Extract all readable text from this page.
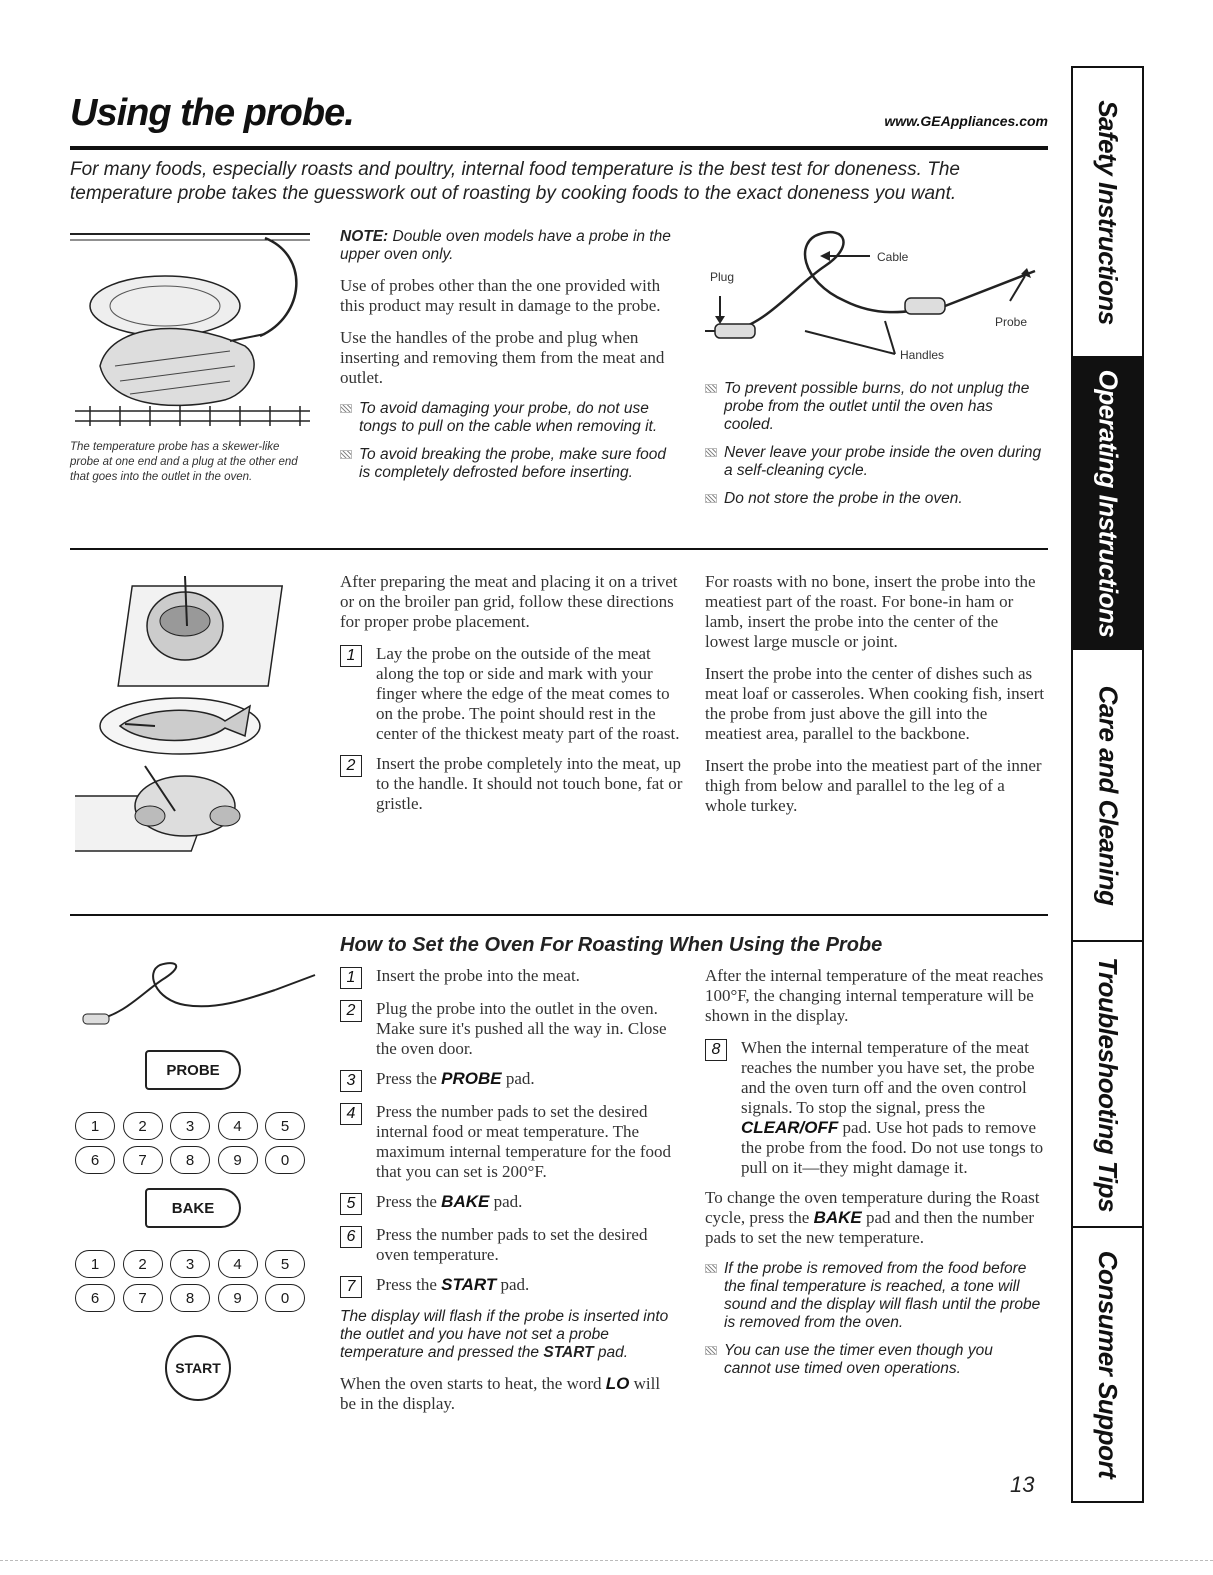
Using the probe.	www.GEAppliances.com
For many foods, especially roasts and poultry, internal food temperature is the best test for doneness. The temperature probe takes the guesswork out of roasting by cooking foods to the exact doneness you want.
The temperature probe has a skewer-like probe at one end and a plug at the other end that goes into the outlet in the oven.
NOTE: Double oven models have a probe in the upper oven only.
Use of probes other than the one provided with this product may result in damage to the probe.
Use the handles of the probe and plug when inserting and removing them from the meat and outlet.
To avoid damaging your probe, do not use tongs to pull on the cable when removing it.
To avoid breaking the probe, make sure food is completely defrosted before inserting.
Plug
Cable
Probe
Handles
To prevent possible burns, do not unplug the probe from the outlet until the oven has cooled.
Never leave your probe inside the oven during a self-cleaning cycle.
Do not store the probe in the oven.
After preparing the meat and placing it on a trivet or on the broiler pan grid, follow these directions for proper probe placement.
1	Lay the probe on the outside of the meat along the top or side and mark with your finger where the edge of the meat comes to on the probe. The point should rest in the center of the thickest meaty part of the roast.
2	Insert the probe completely into the meat, up to the handle. It should not touch bone, fat or gristle.
For roasts with no bone, insert the probe into the meatiest part of the roast. For bone-in ham or lamb, insert the probe into the center of the lowest large muscle or joint.
Insert the probe into the center of dishes such as meat loaf or casseroles. When cooking fish, insert the probe from just above the gill into the meatiest area, parallel to the backbone.
Insert the probe into the meatiest part of the inner thigh from below and parallel to the leg of a whole turkey.
How to Set the Oven For Roasting When Using the Probe
PROBE
1	2	3	4	5
6	7	8	9	0
BAKE
1	2	3	4	5
6	7	8	9	0
START
1	Insert the probe into the meat.
2	Plug the probe into the outlet in the oven. Make sure it's pushed all the way in. Close the oven door.
3	Press the PROBE pad.
4	Press the number pads to set the desired internal food or meat temperature. The maximum internal temperature for the food that you can set is 200°F.
5	Press the BAKE pad.
6	Press the number pads to set the desired oven temperature.
7	Press the START pad.
The display will flash if the probe is inserted into the outlet and you have not set a probe temperature and pressed the START pad.
When the oven starts to heat, the word LO will be in the display.
After the internal temperature of the meat reaches 100°F, the changing internal temperature will be shown in the display.
8	When the internal temperature of the meat reaches the number you have set, the probe and the oven turn off and the oven control signals. To stop the signal, press the CLEAR/OFF pad. Use hot pads to remove the probe from the food. Do not use tongs to pull on it—they might damage it.
To change the oven temperature during the Roast cycle, press the BAKE pad and then the number pads to set the new temperature.
If the probe is removed from the food before the final temperature is reached, a tone will sound and the display will flash until the probe is removed from the oven.
You can use the timer even though you cannot use timed oven operations.
13
Safety Instructions
Operating Instructions
Care and Cleaning
Troubleshooting Tips
Consumer Support
